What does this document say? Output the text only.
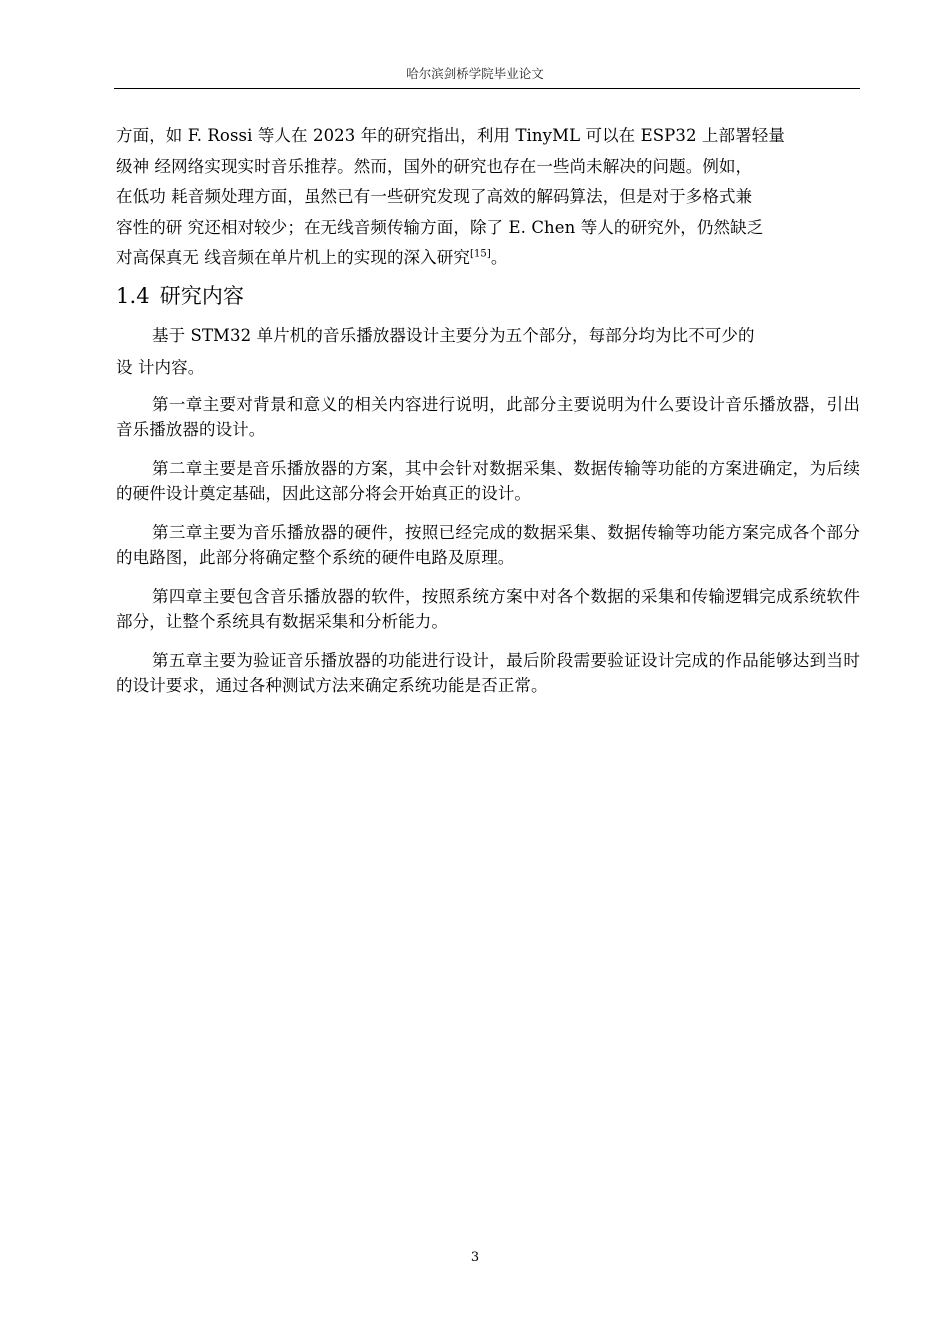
哈尔滨剑桥学院毕业论文

方面，如 F. Rossi 等人在 2023 年的研究指出，利用 TinyML 可以在 ESP32 上部署轻量
级神 经网络实现实时音乐推荐。然而，国外的研究也存在一些尚未解决的问题。例如，
在低功 耗音频处理方面，虽然已有一些研究发现了高效的解码算法，但是对于多格式兼
容性的研 究还相对较少；在无线音频传输方面，除了 E. Chen 等人的研究外，仍然缺乏
对高保真无 线音频在单片机上的实现的深入研究[15]。

1.4 研究内容

基于 STM32 单片机的音乐播放器设计主要分为五个部分，每部分均为比不可少的
设 计内容。

第一章主要对背景和意义的相关内容进行说明，此部分主要说明为什么要设计音乐播放器，引出音乐播放器的设计。

第二章主要是音乐播放器的方案，其中会针对数据采集、数据传输等功能的方案进确定，为后续的硬件设计奠定基础，因此这部分将会开始真正的设计。

第三章主要为音乐播放器的硬件，按照已经完成的数据采集、数据传输等功能方案完成各个部分的电路图，此部分将确定整个系统的硬件电路及原理。

第四章主要包含音乐播放器的软件，按照系统方案中对各个数据的采集和传输逻辑完成系统软件部分，让整个系统具有数据采集和分析能力。

第五章主要为验证音乐播放器的功能进行设计，最后阶段需要验证设计完成的作品能够达到当时的设计要求，通过各种测试方法来确定系统功能是否正常。

3
